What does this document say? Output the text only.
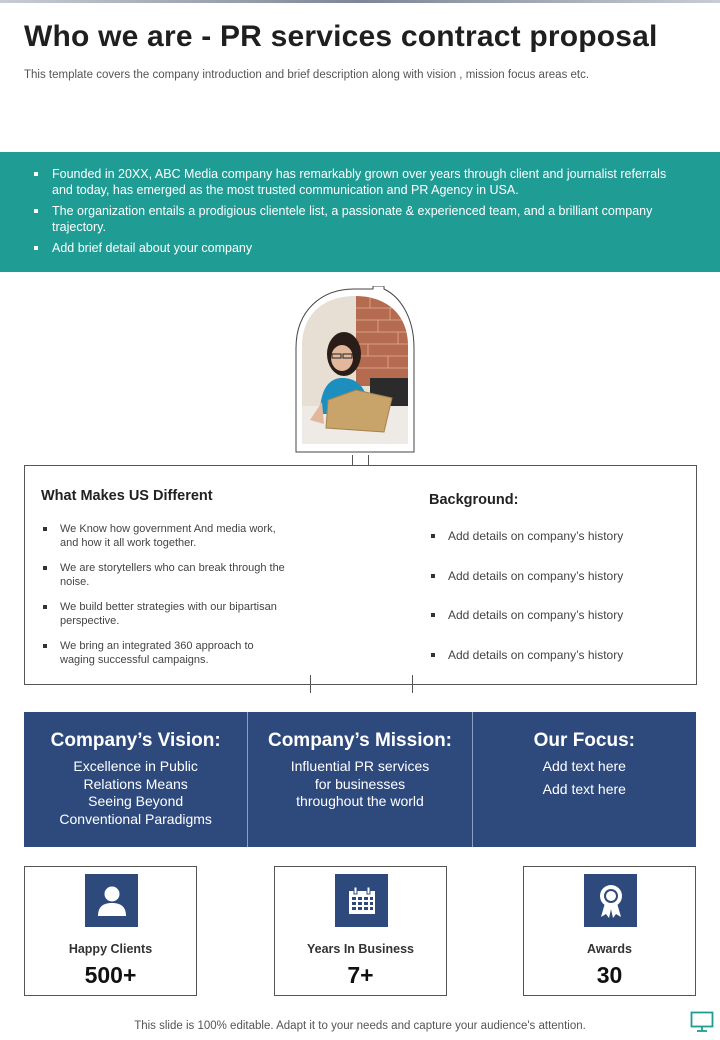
Who we are - PR services contract proposal

This template covers the company introduction and brief description along with vision , mission focus areas etc.

Founded in 20XX, ABC Media company has remarkably grown over years through client and journalist referrals and today, has emerged as the most trusted communication and PR Agency in USA.
The organization entails a prodigious clientele list, a passionate & experienced team, and a brilliant company trajectory.
Add brief detail about your company
What Makes US Different
We Know how government And media work, and how it all work together.
We are storytellers who can break through the noise.
We build better strategies with our bipartisan perspective.
We bring an integrated 360 approach to waging successful campaigns.
Background:
Add details on company’s history
Add details on company’s history
Add details on company’s history
Add details on company’s history
Company’s Vision:

Excellence in Public

Relations Means

Seeing Beyond

Conventional Paradigms

Company’s Mission:

Influential PR services

for businesses

throughout the world

Our Focus:

Add text here

Add text here

Happy Clients
500+
Years In Business
7+
Awards
30

This slide is 100% editable. Adapt it to your needs and capture your audience's attention.
